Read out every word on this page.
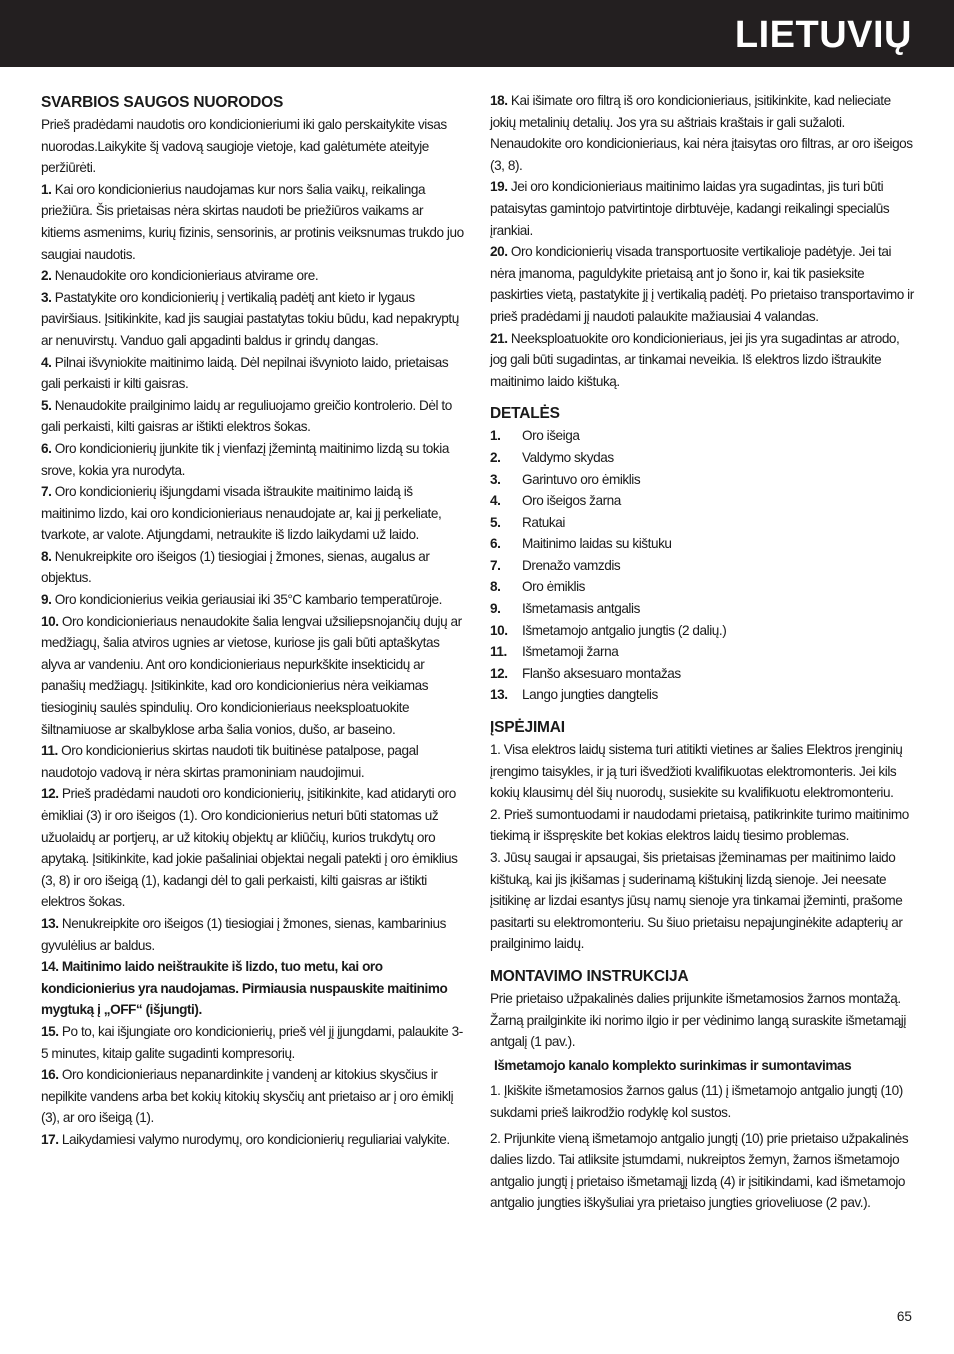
LIETUVIŲ
SVARBIOS SAUGOS NUORODOS

Prieš pradėdami naudotis oro kondicionieriumi iki galo perskaitykite visas nuorodas.Laikykite šį vadovą saugioje vietoje, kad galėtumėte ateityje peržiūrėti.

1. Kai oro kondicionierius naudojamas kur nors šalia vaikų, reikalinga priežiūra. Šis prietaisas nėra skirtas naudoti be priežiūros vaikams ar kitiems asmenims, kurių fizinis, sensorinis, ar protinis veiksnumas trukdo juo saugiai naudotis.

2. Nenaudokite oro kondicionieriaus atvirame ore.

3. Pastatykite oro kondicionierių į vertikalią padėtį ant kieto ir lygaus paviršiaus. Įsitikinkite, kad jis saugiai pastatytas tokiu būdu, kad nepakryptų ar nenuvirstų. Vanduo gali apgadinti baldus ir grindų dangas.

4. Pilnai išvyniokite maitinimo laidą. Dėl nepilnai išvynioto laido, prietaisas gali perkaisti ir kilti gaisras.

5. Nenaudokite prailginimo laidų ar reguliuojamo greičio kontrolerio. Dėl to gali perkaisti, kilti gaisras ar ištikti elektros šokas.

6. Oro kondicionierių įjunkite tik į vienfazį įžemintą maitinimo lizdą su tokia srove, kokia yra nurodyta.

7. Oro kondicionierių išjungdami visada ištraukite maitinimo laidą iš maitinimo lizdo, kai oro kondicionieriaus nenaudojate ar, kai jį perkeliate, tvarkote, ar valote. Atjungdami, netraukite iš lizdo laikydami už laido.

8. Nenukreipkite oro išeigos (1) tiesiogiai į žmones, sienas, augalus ar objektus.

9. Oro kondicionierius veikia geriausiai iki 35°C kambario temperatūroje.

10. Oro kondicionieriaus nenaudokite šalia lengvai užsiliepsnojančių dujų ar medžiagų, šalia atviros ugnies ar vietose, kuriose jis gali būti aptaškytas alyva ar vandeniu. Ant oro kondicionieriaus nepurkškite insekticidų ar panašių medžiagų. Įsitikinkite, kad oro kondicionierius nėra veikiamas tiesioginių saulės spindulių. Oro kondicionieriaus neeksploatuokite šiltnamiuose ar skalbyklose arba šalia vonios, dušo, ar baseino.

11. Oro kondicionierius skirtas naudoti tik buitinėse patalpose, pagal naudotojo vadovą ir nėra skirtas pramoniniam naudojimui.

12. Prieš pradėdami naudoti oro kondicionierių, įsitikinkite, kad atidaryti oro ėmikliai (3) ir oro išeigos (1). Oro kondicionierius neturi būti statomas už užuolaidų ar portjerų, ar už kitokių objektų ar kliūčių, kurios trukdytų oro apytaką. Įsitikinkite, kad jokie pašaliniai objektai negali patekti į oro ėmiklius (3, 8) ir oro išeigą (1), kadangi dėl to gali perkaisti, kilti gaisras ar ištikti elektros šokas.

13. Nenukreipkite oro išeigos (1) tiesiogiai į žmones, sienas, kambarinius gyvulėlius ar baldus.

14. Maitinimo laido neištraukite iš lizdo, tuo metu, kai oro kondicionierius yra naudojamas. Pirmiausia nuspauskite maitinimo mygtuką į „OFF“ (išjungti).

15. Po to, kai išjungiate oro kondicionierių, prieš vėl jį įjungdami, palaukite 3-5 minutes, kitaip galite sugadinti kompresorių.

16. Oro kondicionieriaus nepanardinkite į vandenį ar kitokius skysčius ir nepilkite vandens arba bet kokių kitokių skysčių ant prietaiso ar į oro ėmiklį (3), ar oro išeigą (1).

17. Laikydamiesi valymo nurodymų, oro kondicionierių reguliariai valykite.

18. Kai išimate oro filtrą iš oro kondicionieriaus, įsitikinkite, kad nelieciate jokių metalinių detalių. Jos yra su aštriais kraštais ir gali sužaloti. Nenaudokite oro kondicionieriaus, kai nėra įtaisytas oro filtras, ar oro išeigos (3, 8).

19. Jei oro kondicionieriaus maitinimo laidas yra sugadintas, jis turi būti pataisytas gamintojo patvirtintoje dirbtuvėje, kadangi reikalingi specialūs įrankiai.

20. Oro kondicionierių visada transportuosite vertikalioje padėtyje. Jei tai nėra įmanoma, paguldykite prietaisą ant jo šono ir, kai tik pasieksite paskirties vietą, pastatykite jį į vertikalią padėtį. Po prietaiso transportavimo ir prieš pradėdami jį naudoti palaukite mažiausiai 4 valandas.

21. Neeksploatuokite oro kondicionieriaus, jei jis yra sugadintas ar atrodo, jog gali būti sugadintas, ar tinkamai neveikia. Iš elektros lizdo ištraukite maitinimo laido kištuką.

DETALĖS
1. Oro išeiga
2. Valdymo skydas
3. Garintuvo oro ėmiklis
4. Oro išeigos žarna
5. Ratukai
6. Maitinimo laidas su kištuku
7. Drenažo vamzdis
8. Oro ėmiklis
9. Išmetamasis antgalis
10. Išmetamojo antgalio jungtis (2 dalių.)
11. Išmetamoji žarna
12. Flanšo aksesuaro montažas
13. Lango jungties dangtelis
ĮSPĖJIMAI

1. Visa elektros laidų sistema turi atitikti vietines ar šalies Elektros įrenginių įrengimo taisykles, ir ją turi išvedžioti kvalifikuotas elektromonteris. Jei kils kokių klausimų dėl šių nuorodų, susiekite su kvalifikuotu elektromonteriu.

2. Prieš sumontuodami ir naudodami prietaisą, patikrinkite turimo maitinimo tiekimą ir išspręskite bet kokias elektros laidų tiesimo problemas.

3. Jūsų saugai ir apsaugai, šis prietaisas įžeminamas per maitinimo laido kištuką, kai jis įkišamas į suderinamą kištukinį lizdą sienoje. Jei neesate įsitikinę ar lizdai esantys jūsų namų sienoje yra tinkamai įžeminti, prašome pasitarti su elektromonteriu. Su šiuo prietaisu nepajunginėkite adapterių ar prailginimo laidų.

MONTAVIMO INSTRUKCIJA

Prie prietaiso užpakalinės dalies prijunkite išmetamosios žarnos montažą. Žarną prailginkite iki norimo ilgio ir per vėdinimo langą suraskite išmetamąjį antgalį (1 pav.).

Išmetamojo kanalo komplekto surinkimas ir sumontavimas

1. Įkiškite išmetamosios žarnos galus (11) į išmetamojo antgalio jungtį (10) sukdami prieš laikrodžio rodyklę kol sustos.

2. Prijunkite vieną išmetamojo antgalio jungtį (10) prie prietaiso užpakalinės dalies lizdo. Tai atliksite įstumdami, nukreiptos žemyn, žarnos išmetamojo antgalio jungtį į prietaiso išmetamąjį lizdą (4) ir įsitikindami, kad išmetamojo antgalio jungties iškyšuliai yra prietaiso jungties grioveliuose (2 pav.).

65
